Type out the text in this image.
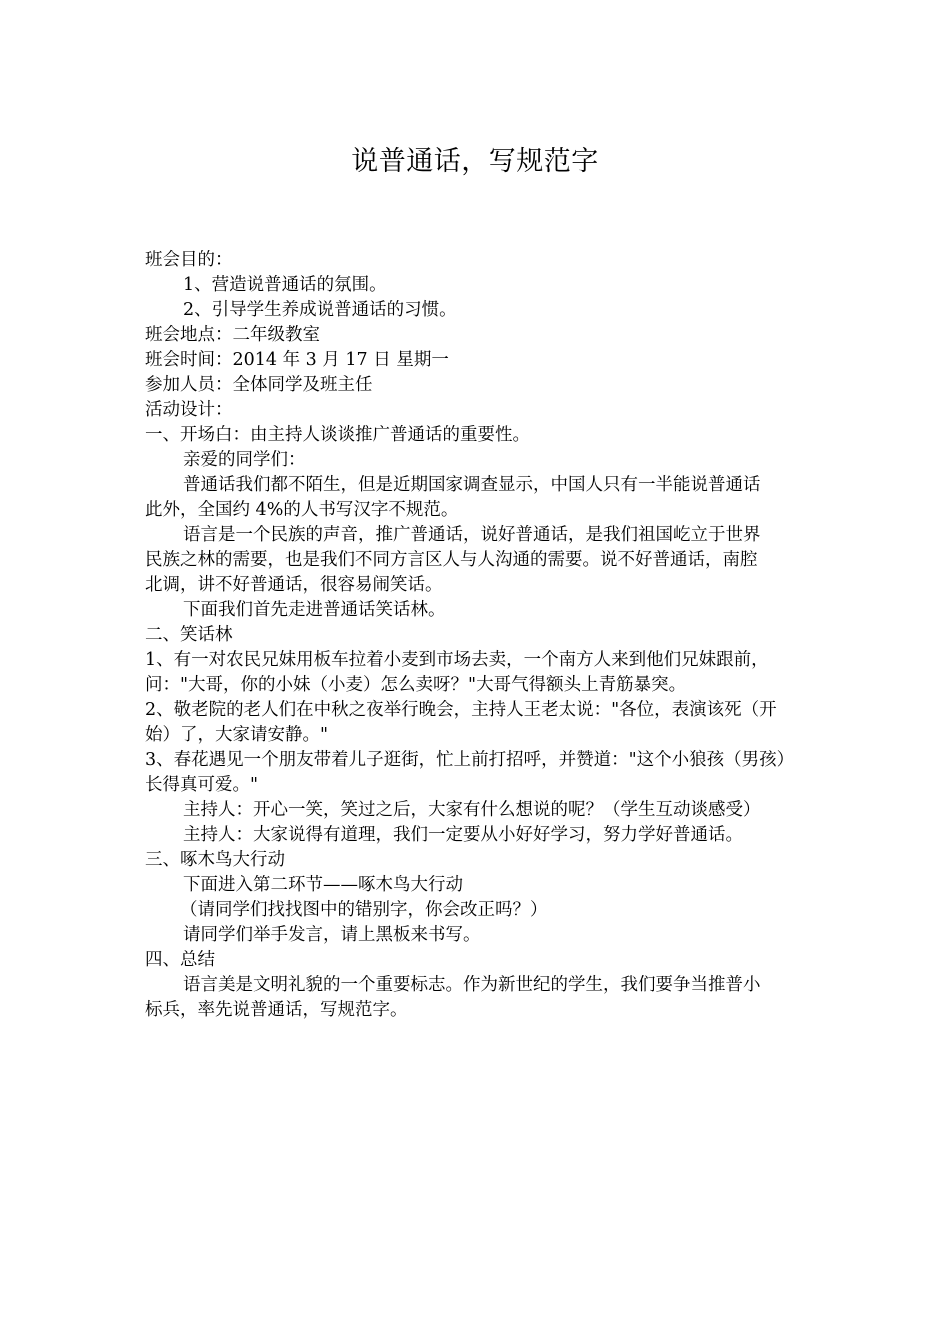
说普通话，写规范字
班会目的：
1、营造说普通话的氛围。
2、引导学生养成说普通话的习惯。
班会地点：二年级教室
班会时间：2014 年 3 月 17 日 星期一
参加人员：全体同学及班主任
活动设计：
一、开场白：由主持人谈谈推广普通话的重要性。
亲爱的同学们：
普通话我们都不陌生，但是近期国家调查显示，中国人只有一半能说普通话
此外，全国约 4%的人书写汉字不规范。
语言是一个民族的声音，推广普通话，说好普通话，是我们祖国屹立于世界
民族之林的需要，也是我们不同方言区人与人沟通的需要。说不好普通话，南腔
北调，讲不好普通话，很容易闹笑话。
下面我们首先走进普通话笑话林。
二、笑话林
1、有一对农民兄妹用板车拉着小麦到市场去卖，一个南方人来到他们兄妹跟前，
问："大哥，你的小妹（小麦）怎么卖呀？"大哥气得额头上青筋暴突。
2、敬老院的老人们在中秋之夜举行晚会，主持人王老太说："各位，表演该死（开
始）了，大家请安静。"
3、春花遇见一个朋友带着儿子逛街，忙上前打招呼，并赞道："这个小狼孩（男孩）
长得真可爱。"
主持人：开心一笑，笑过之后，大家有什么想说的呢？（学生互动谈感受）
主持人：大家说得有道理，我们一定要从小好好学习，努力学好普通话。
三、啄木鸟大行动
下面进入第二环节——啄木鸟大行动
（请同学们找找图中的错别字，你会改正吗？）
请同学们举手发言，请上黑板来书写。
四、总结
语言美是文明礼貌的一个重要标志。作为新世纪的学生，我们要争当推普小
标兵，率先说普通话，写规范字。
